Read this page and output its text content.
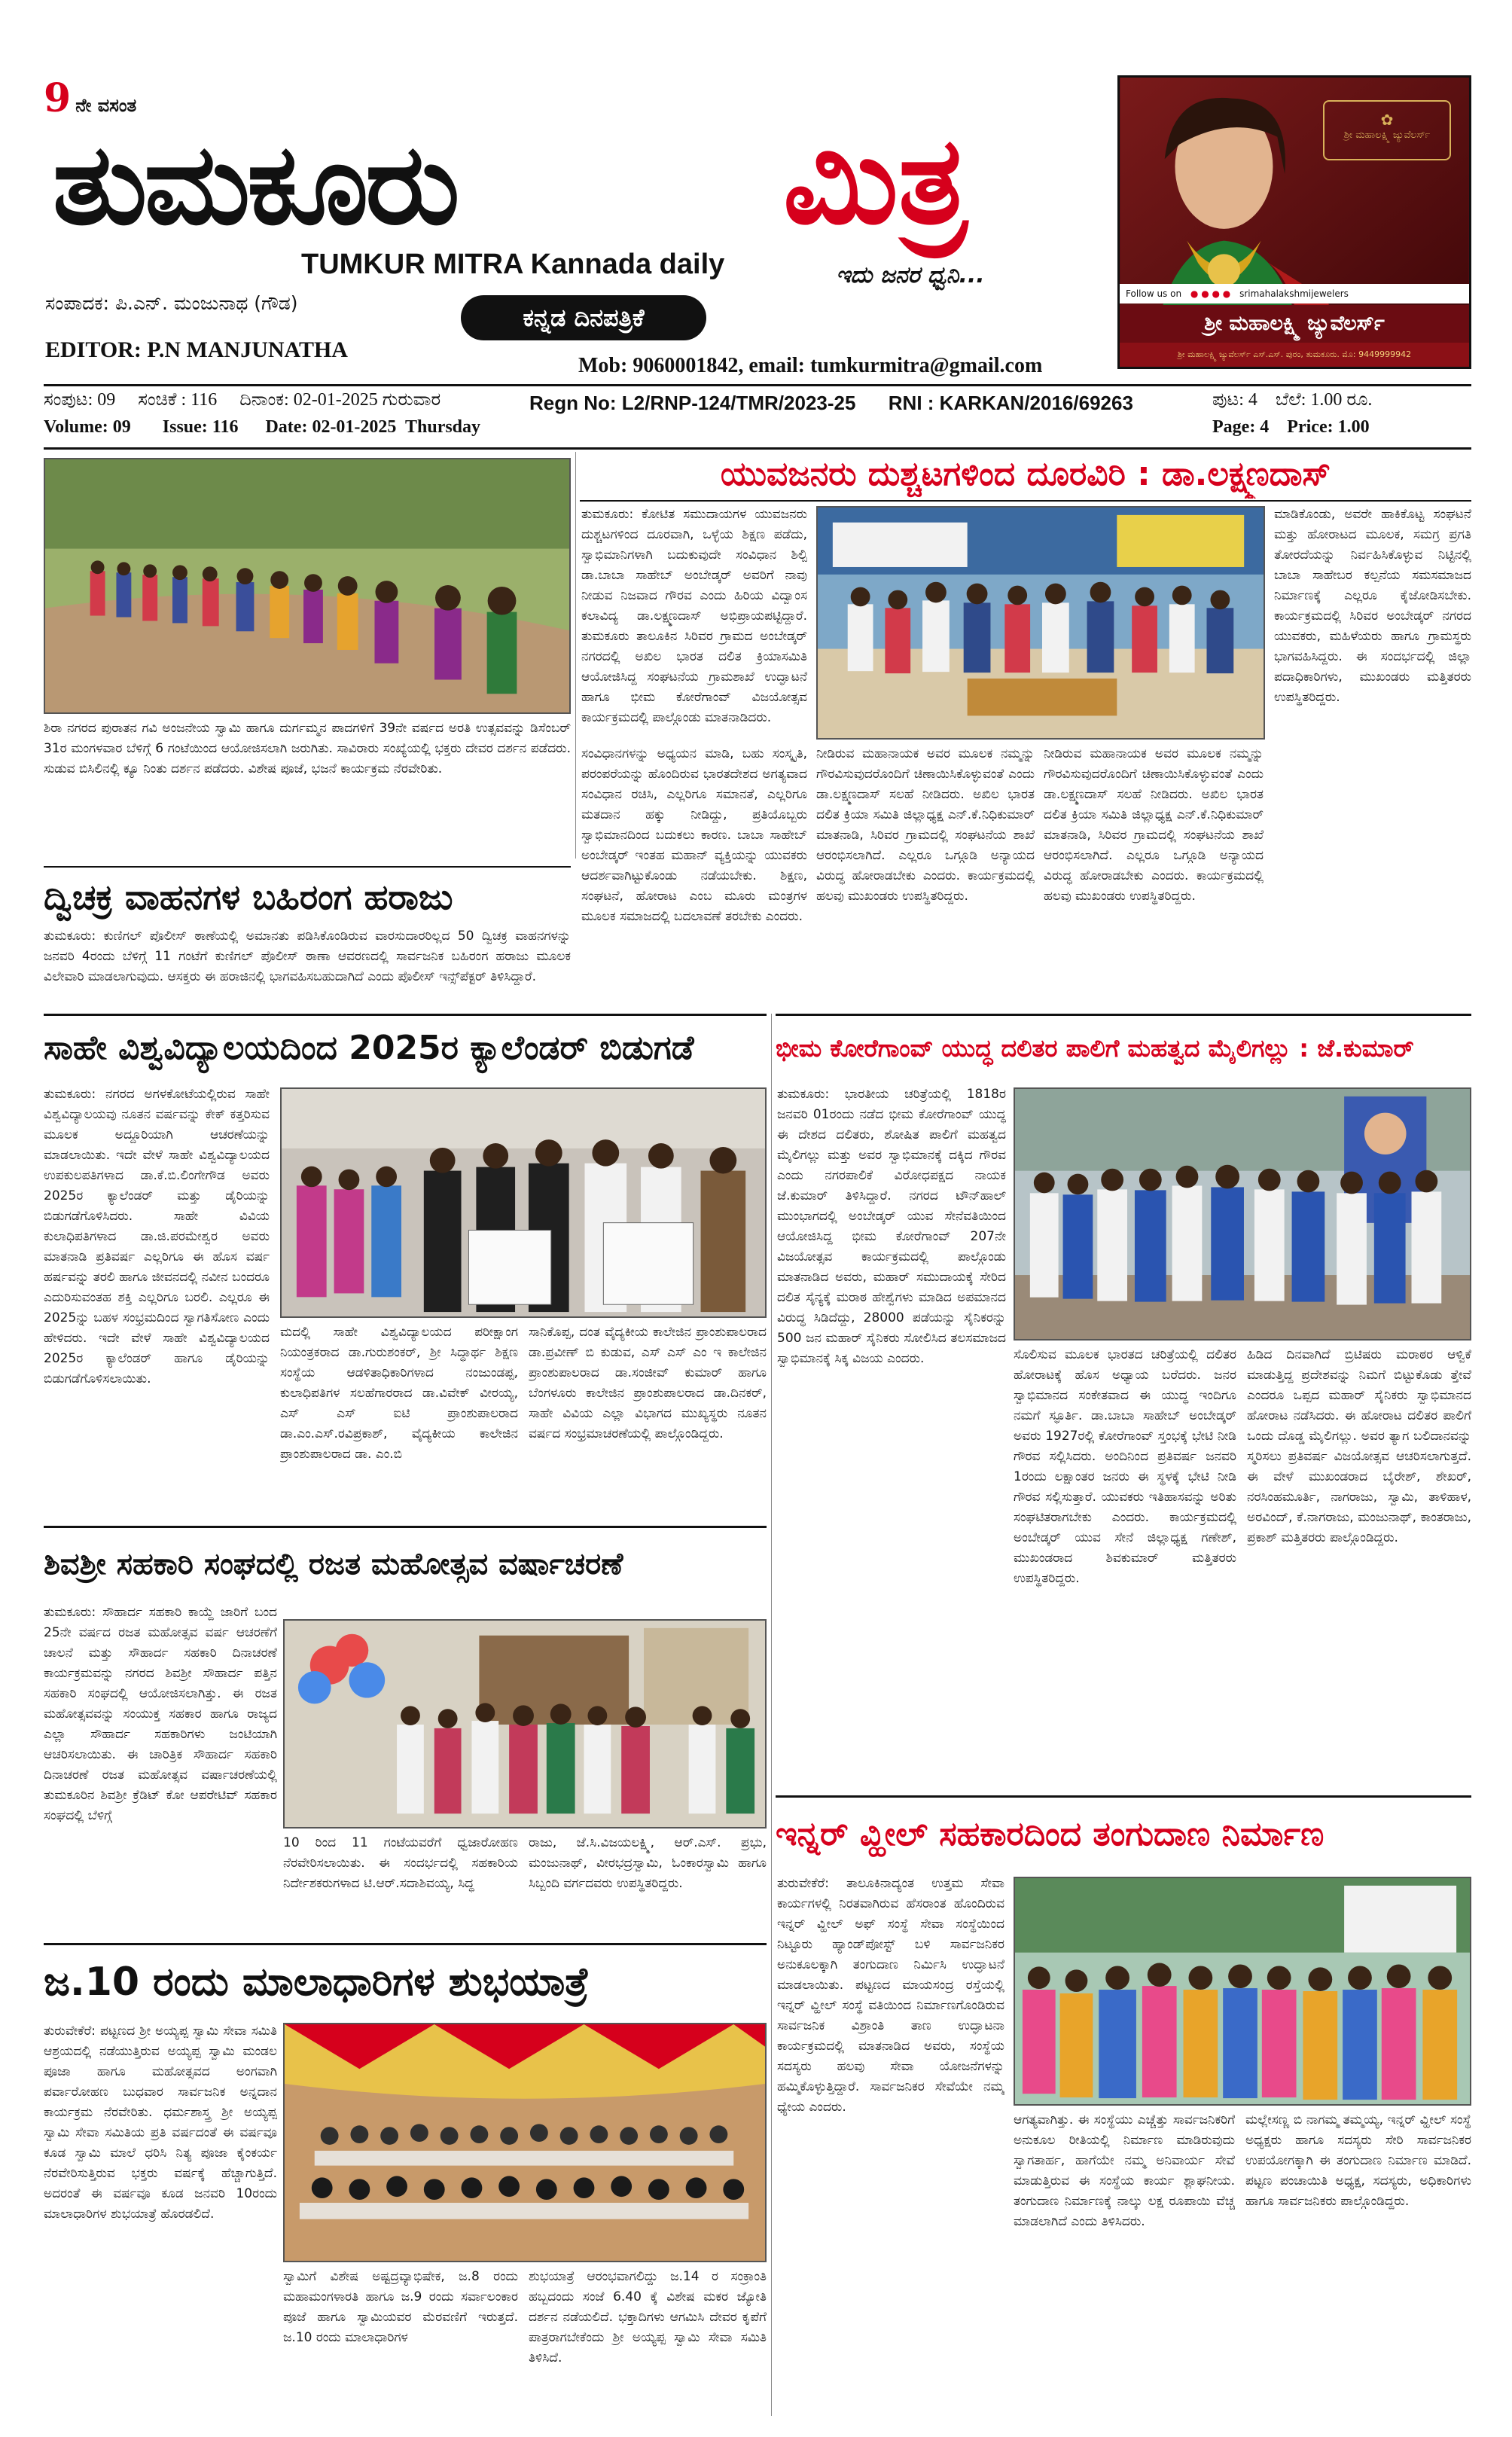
9 ನೇ ವಸಂತ
ತುಮಕೂರು	ಮಿತ್ರ
TUMKUR MITRA Kannada daily	ಇದು ಜನರ ಧ್ವನಿ...
ಸಂಪಾದಕ: ಪಿ.ಎನ್. ಮಂಜುನಾಥ (ಗೌಡ)
EDITOR: P.N MANJUNATHA
ಕನ್ನಡ ದಿನಪತ್ರಿಕೆ
Mob: 9060001842, email: tumkurmitra@gmail.com
✿
ಶ್ರೀ ಮಹಾಲಕ್ಷ್ಮಿ ಜ್ಯುವೆಲರ್ಸ್
Follow us on ● ● ● ● srimahalakshmijewelers
ಶ್ರೀ ಮಹಾಲಕ್ಷ್ಮಿ ಜ್ಯುವೆಲರ್ಸ್
ಶ್ರೀ ಮಹಾಲಕ್ಷ್ಮಿ ಜ್ಯುವೆಲರ್ಸ್ ಎಸ್.ಎಸ್. ಪುರಂ, ತುಮಕೂರು. ಮೊ: 9449999942
ಸಂಪುಟ: 09     ಸಂಚಿಕೆ : 116     ದಿನಾಂಕ: 02-01-2025 ಗುರುವಾರ
Volume: 09       Issue: 116      Date: 02-01-2025  Thursday
Regn No: L2/RNP-124/TMR/2023-25      RNI : KARKAN/2016/69263	ಪುಟ: 4    ಬೆಲೆ: 1.00 ರೂ.
Page: 4    Price: 1.00
ಶಿರಾ ನಗರದ ಪುರಾತನ ಗವಿ ಅಂಜನೇಯ ಸ್ವಾಮಿ ಹಾಗೂ ದುರ್ಗಮ್ಮನ ಪಾದಗಳಿಗೆ 39ನೇ ವರ್ಷದ ಅರತಿ ಉತ್ಸವವನ್ನು ಡಿಸೆಂಬರ್ 31ರ ಮಂಗಳವಾರ ಬೆಳಿಗ್ಗೆ 6 ಗಂಟೆಯಿಂದ ಆಯೋಜಿಸಲಾಗಿ ಜರುಗಿತು. ಸಾವಿರಾರು ಸಂಖ್ಯೆಯಲ್ಲಿ ಭಕ್ತರು ದೇವರ ದರ್ಶನ ಪಡೆದರು. ಸುಡುವ ಬಿಸಿಲಿನಲ್ಲಿ ಕ್ಯೂ ನಿಂತು ದರ್ಶನ ಪಡೆದರು. ವಿಶೇಷ ಪೂಜೆ, ಭಜನೆ ಕಾರ್ಯಕ್ರಮ ನೆರವೇರಿತು.
ಯುವಜನರು ದುಶ್ಚಟಗಳಿಂದ ದೂರವಿರಿ : ಡಾ.ಲಕ್ಷ್ಮಣದಾಸ್
ತುಮಕೂರು: ಕೋಟಿತ ಸಮುದಾಯಗಳ ಯುವಜನರು ದುಶ್ಚಟಗಳಿಂದ ದೂರವಾಗಿ, ಒಳ್ಳೆಯ ಶಿಕ್ಷಣ ಪಡೆದು, ಸ್ವಾಭಿಮಾನಿಗಳಾಗಿ ಬದುಕುವುದೇ ಸಂವಿಧಾನ ಶಿಲ್ಪಿ ಡಾ.ಬಾಬಾ ಸಾಹೇಬ್ ಅಂಬೇಡ್ಕರ್ ಅವರಿಗೆ ನಾವು ನೀಡುವ ನಿಜವಾದ ಗೌರವ ಎಂದು ಹಿರಿಯ ವಿದ್ವಾಂಸ ಕಲಾವಿದ್ಯ ಡಾ.ಲಕ್ಷ್ಮಣದಾಸ್ ಅಭಿಪ್ರಾಯಪಟ್ಟಿದ್ದಾರೆ. ತುಮಕೂರು ತಾಲೂಕಿನ ಸಿರಿವರ ಗ್ರಾಮದ ಅಂಬೇಡ್ಕರ್ ನಗರದಲ್ಲಿ ಅಖಿಲ ಭಾರತ ದಲಿತ ಕ್ರಿಯಾಸಮಿತಿ ಆಯೋಜಿಸಿದ್ದ ಸಂಘಟನೆಯ ಗ್ರಾಮಶಾಖೆ ಉದ್ಘಾಟನೆ ಹಾಗೂ ಭೀಮ ಕೋರೆಗಾಂವ್ ವಿಜಯೋತ್ಸವ ಕಾರ್ಯಕ್ರಮದಲ್ಲಿ ಪಾಲ್ಗೊಂಡು ಮಾತನಾಡಿದರು.
ಸಂವಿಧಾನಗಳನ್ನು ಅಧ್ಯಯನ ಮಾಡಿ, ಬಹು ಸಂಸ್ಕೃತಿ, ಪರಂಪರೆಯನ್ನು ಹೊಂದಿರುವ ಭಾರತದೇಶದ ಅಗತ್ಯವಾದ ಸಂವಿಧಾನ ರಚಿಸಿ, ಎಲ್ಲರಿಗೂ ಸಮಾನತೆ, ಎಲ್ಲರಿಗೂ ಮತದಾನ ಹಕ್ಕು ನೀಡಿದ್ದು, ಪ್ರತಿಯೊಬ್ಬರು ಸ್ವಾಭಿಮಾನದಿಂದ ಬದುಕಲು ಕಾರಣ. ಬಾಬಾ ಸಾಹೇಬ್ ಅಂಬೇಡ್ಕರ್ ಇಂತಹ ಮಹಾನ್ ವ್ಯಕ್ತಿಯನ್ನು ಯುವಕರು ಆದರ್ಶವಾಗಿಟ್ಟುಕೊಂಡು ನಡೆಯಬೇಕು. ಶಿಕ್ಷಣ, ಸಂಘಟನೆ, ಹೋರಾಟ ಎಂಬ ಮೂರು ಮಂತ್ರಗಳ ಮೂಲಕ ಸಮಾಜದಲ್ಲಿ ಬದಲಾವಣೆ ತರಬೇಕು ಎಂದರು.
ನೀಡಿರುವ ಮಹಾನಾಯಕ ಅವರ ಮೂಲಕ ನಮ್ಮನ್ನು ಗೌರವಿಸುವುದರೊಂದಿಗೆ ಚಿಣಾಯಿಸಿಕೊಳ್ಳುವಂತೆ ಎಂದು ಡಾ.ಲಕ್ಷ್ಮಣದಾಸ್ ಸಲಹೆ ನೀಡಿದರು. ಅಖಿಲ ಭಾರತ ದಲಿತ ಕ್ರಿಯಾ ಸಮಿತಿ ಜಿಲ್ಲಾಧ್ಯಕ್ಷ ಎನ್.ಕೆ.ನಿಧಿಕುಮಾರ್ ಮಾತನಾಡಿ, ಸಿರಿವರ ಗ್ರಾಮದಲ್ಲಿ ಸಂಘಟನೆಯ ಶಾಖೆ ಆರಂಭಿಸಲಾಗಿದೆ. ಎಲ್ಲರೂ ಒಗ್ಗೂಡಿ ಅನ್ಯಾಯದ ವಿರುದ್ಧ ಹೋರಾಡಬೇಕು ಎಂದರು. ಕಾರ್ಯಕ್ರಮದಲ್ಲಿ ಹಲವು ಮುಖಂಡರು ಉಪಸ್ಥಿತರಿದ್ದರು.
ನೀಡಿರುವ ಮಹಾನಾಯಕ ಅವರ ಮೂಲಕ ನಮ್ಮನ್ನು ಗೌರವಿಸುವುದರೊಂದಿಗೆ ಚಿಣಾಯಿಸಿಕೊಳ್ಳುವಂತೆ ಎಂದು ಡಾ.ಲಕ್ಷ್ಮಣದಾಸ್ ಸಲಹೆ ನೀಡಿದರು. ಅಖಿಲ ಭಾರತ ದಲಿತ ಕ್ರಿಯಾ ಸಮಿತಿ ಜಿಲ್ಲಾಧ್ಯಕ್ಷ ಎನ್.ಕೆ.ನಿಧಿಕುಮಾರ್ ಮಾತನಾಡಿ, ಸಿರಿವರ ಗ್ರಾಮದಲ್ಲಿ ಸಂಘಟನೆಯ ಶಾಖೆ ಆರಂಭಿಸಲಾಗಿದೆ. ಎಲ್ಲರೂ ಒಗ್ಗೂಡಿ ಅನ್ಯಾಯದ ವಿರುದ್ಧ ಹೋರಾಡಬೇಕು ಎಂದರು. ಕಾರ್ಯಕ್ರಮದಲ್ಲಿ ಹಲವು ಮುಖಂಡರು ಉಪಸ್ಥಿತರಿದ್ದರು.
ಮಾಡಿಕೊಂಡು, ಅವರೇ ಹಾಕಿಕೊಟ್ಟ ಸಂಘಟನೆ ಮತ್ತು ಹೋರಾಟದ ಮೂಲಕ, ಸಮಗ್ರ ಪ್ರಗತಿ ತೋರದೆಯನ್ನು ನಿರ್ವಹಿಸಿಕೊಳ್ಳುವ ನಿಟ್ಟಿನಲ್ಲಿ ಬಾಬಾ ಸಾಹೇಬರ ಕಲ್ಪನೆಯ ಸಮಸಮಾಜದ ನಿರ್ಮಾಣಕ್ಕೆ ಎಲ್ಲರೂ ಕೈಜೋಡಿಸಬೇಕು. ಕಾರ್ಯಕ್ರಮದಲ್ಲಿ ಸಿರಿವರ ಅಂಬೇಡ್ಕರ್ ನಗರದ ಯುವಕರು, ಮಹಿಳೆಯರು ಹಾಗೂ ಗ್ರಾಮಸ್ಥರು ಭಾಗವಹಿಸಿದ್ದರು. ಈ ಸಂದರ್ಭದಲ್ಲಿ ಜಿಲ್ಲಾ ಪದಾಧಿಕಾರಿಗಳು, ಮುಖಂಡರು ಮತ್ತಿತರರು ಉಪಸ್ಥಿತರಿದ್ದರು.
ದ್ವಿಚಕ್ರ ವಾಹನಗಳ ಬಹಿರಂಗ ಹರಾಜು
ತುಮಕೂರು: ಕುಣಿಗಲ್ ಪೊಲೀಸ್ ಠಾಣೆಯಲ್ಲಿ ಅಮಾನತು ಪಡಿಸಿಕೊಂಡಿರುವ ವಾರಸುದಾರರಿಲ್ಲದ 50 ದ್ವಿಚಕ್ರ ವಾಹನಗಳನ್ನು ಜನವರಿ 4ರಂದು ಬೆಳಿಗ್ಗೆ 11 ಗಂಟೆಗೆ ಕುಣಿಗಲ್ ಪೊಲೀಸ್ ಠಾಣಾ ಆವರಣದಲ್ಲಿ ಸಾರ್ವಜನಿಕ ಬಹಿರಂಗ ಹರಾಜು ಮೂಲಕ ವಿಲೇವಾರಿ ಮಾಡಲಾಗುವುದು. ಆಸಕ್ತರು ಈ ಹರಾಜಿನಲ್ಲಿ ಭಾಗವಹಿಸಬಹುದಾಗಿದೆ ಎಂದು ಪೊಲೀಸ್ ಇನ್ಸ್‌ಪೆಕ್ಟರ್ ತಿಳಿಸಿದ್ದಾರೆ.
ಸಾಹೇ ವಿಶ್ವವಿದ್ಯಾಲಯದಿಂದ 2025ರ ಕ್ಯಾಲೆಂಡರ್ ಬಿಡುಗಡೆ
ತುಮಕೂರು: ನಗರದ ಅಗಳಕೋಟೆಯಲ್ಲಿರುವ ಸಾಹೇ ವಿಶ್ವವಿದ್ಯಾಲಯವು ನೂತನ ವರ್ಷವನ್ನು ಕೇಕ್ ಕತ್ತರಿಸುವ ಮೂಲಕ ಅದ್ದೂರಿಯಾಗಿ ಆಚರಣೆಯನ್ನು ಮಾಡಲಾಯಿತು. ಇದೇ ವೇಳೆ ಸಾಹೇ ವಿಶ್ವವಿದ್ಯಾಲಯದ ಉಪಕುಲಪತಿಗಳಾದ ಡಾ.ಕೆ.ಬಿ.ಲಿಂಗೇಗೌಡ ಅವರು 2025ರ ಕ್ಯಾಲೆಂಡರ್ ಮತ್ತು ಡೈರಿಯನ್ನು ಬಿಡುಗಡೆಗೊಳಿಸಿದರು. ಸಾಹೇ ವಿವಿಯ ಕುಲಾಧಿಪತಿಗಳಾದ ಡಾ.ಜಿ.ಪರಮೇಶ್ವರ ಅವರು ಮಾತನಾಡಿ ಪ್ರತಿವರ್ಷ ಎಲ್ಲರಿಗೂ ಈ ಹೊಸ ವರ್ಷ ಹರ್ಷವನ್ನು ತರಲಿ ಹಾಗೂ ಜೀವನದಲ್ಲಿ ನವೀನ ಬಂದರೂ ಎದುರಿಸುವಂತಹ ಶಕ್ತಿ ಎಲ್ಲರಿಗೂ ಬರಲಿ. ಎಲ್ಲರೂ ಈ 2025ನ್ನು ಬಹಳ ಸಂಭ್ರಮದಿಂದ ಸ್ವಾಗತಿಸೋಣ ಎಂದು ಹೇಳಿದರು. ಇದೇ ವೇಳೆ ಸಾಹೇ ವಿಶ್ವವಿದ್ಯಾಲಯದ 2025ರ ಕ್ಯಾಲೆಂಡರ್ ಹಾಗೂ ಡೈರಿಯನ್ನು ಬಿಡುಗಡೆಗೊಳಿಸಲಾಯಿತು.
ಮದಲ್ಲಿ ಸಾಹೇ ವಿಶ್ವವಿದ್ಯಾಲಯದ ಪರೀಕ್ಷಾಂಗ ನಿಯಂತ್ರಕರಾದ ಡಾ.ಗುರುಶಂಕರ್, ಶ್ರೀ ಸಿದ್ಧಾರ್ಥ ಶಿಕ್ಷಣ ಸಂಸ್ಥೆಯ ಆಡಳಿತಾಧಿಕಾರಿಗಳಾದ ನಂಜುಂಡಪ್ಪ, ಕುಲಾಧಿಪತಿಗಳ ಸಲಹೆಗಾರರಾದ ಡಾ.ವಿವೇಕ್ ವೀರಯ್ಯ, ಎಸ್ ಎಸ್ ಐಟಿ ಪ್ರಾಂಶುಪಾಲರಾದ ಡಾ.ಎಂ.ಎಸ್.ರವಿಪ್ರಕಾಶ್, ವೈದ್ಯಕೀಯ ಕಾಲೇಜಿನ ಪ್ರಾಂಶುಪಾಲರಾದ ಡಾ. ಎಂ.ಬಿ
ಸಾನಿಕೊಪ್ಪ, ದಂತ ವೈದ್ಯಕೀಯ ಕಾಲೇಜಿನ ಪ್ರಾಂಶುಪಾಲರಾದ ಡಾ.ಪ್ರವೀಣ್ ಬಿ ಕುಡುವ, ಎಸ್ ಎಸ್ ಎಂ ಇ ಕಾಲೇಜಿನ ಪ್ರಾಂಶುಪಾಲರಾದ ಡಾ.ಸಂಜೀವ್ ಕುಮಾರ್ ಹಾಗೂ ಬೆಂಗಳೂರು ಕಾಲೇಜಿನ ಪ್ರಾಂಶುಪಾಲರಾದ ಡಾ.ದಿನಕರ್, ಸಾಹೇ ವಿವಿಯ ಎಲ್ಲಾ ವಿಭಾಗದ ಮುಖ್ಯಸ್ಥರು ನೂತನ ವರ್ಷದ ಸಂಭ್ರಮಾಚರಣೆಯಲ್ಲಿ ಪಾಲ್ಗೊಂಡಿದ್ದರು.
ಭೀಮ ಕೋರೆಗಾಂವ್ ಯುದ್ಧ ದಲಿತರ ಪಾಲಿಗೆ ಮಹತ್ವದ ಮೈಲಿಗಲ್ಲು : ಜೆ.ಕುಮಾರ್
ತುಮಕೂರು: ಭಾರತೀಯ ಚರಿತ್ರೆಯಲ್ಲಿ 1818ರ ಜನವರಿ 01ರಂದು ನಡೆದ ಭೀಮ ಕೋರೆಗಾಂವ್ ಯುದ್ಧ ಈ ದೇಶದ ದಲಿತರು, ಶೋಷಿತ ಪಾಲಿಗೆ ಮಹತ್ವದ ಮೈಲಿಗಲ್ಲು ಮತ್ತು ಅವರ ಸ್ವಾಭಿಮಾನಕ್ಕೆ ದಕ್ಕಿದ ಗೌರವ ಎಂದು ನಗರಪಾಲಿಕೆ ವಿರೋಧಪಕ್ಷದ ನಾಯಕ ಜೆ.ಕುಮಾರ್ ತಿಳಿಸಿದ್ದಾರೆ. ನಗರದ ಟೌನ್‌ಹಾಲ್ ಮುಂಭಾಗದಲ್ಲಿ ಅಂಬೇಡ್ಕರ್ ಯುವ ಸೇನೆವತಿಯಿಂದ ಆಯೋಜಿಸಿದ್ದ ಭೀಮ ಕೋರೆಗಾಂವ್ 207ನೇ ವಿಜಯೋತ್ಸವ ಕಾರ್ಯಕ್ರಮದಲ್ಲಿ ಪಾಲ್ಗೊಂಡು ಮಾತನಾಡಿದ ಅವರು, ಮಹಾರ್ ಸಮುದಾಯಕ್ಕೆ ಸೇರಿದ ದಲಿತ ಸೈನ್ಯಕ್ಕೆ ಮರಾಠ ಹೇಶ್ವೆಗಳು ಮಾಡಿದ ಅಪಮಾನದ ವಿರುದ್ಧ ಸಿಡಿದೆದ್ದು, 28000 ಪಡೆಯನ್ನು ಸೈನಿಕರನ್ನು 500 ಜನ ಮಹಾರ್ ಸೈನಿಕರು ಸೋಲಿಸಿದ ತಲಸಮಾಜದ ಸ್ವಾಭಿಮಾನಕ್ಕೆ ಸಿಕ್ಕ ವಿಜಯ ಎಂದರು.	ಸೊಲಿಸುವ ಮೂಲಕ ಭಾರತದ ಚರಿತ್ರೆಯಲ್ಲಿ ದಲಿತರ ಹೋರಾಟಕ್ಕೆ ಹೊಸ ಅಧ್ಯಾಯ ಬರೆದರು. ಜನರ ಸ್ವಾಭಿಮಾನದ ಸಂಕೇತವಾದ ಈ ಯುದ್ಧ ಇಂದಿಗೂ ನಮಗೆ ಸ್ಫೂರ್ತಿ. ಡಾ.ಬಾಬಾ ಸಾಹೇಬ್ ಅಂಬೇಡ್ಕರ್ ಅವರು 1927ರಲ್ಲಿ ಕೋರೆಗಾಂವ್ ಸ್ತಂಭಕ್ಕೆ ಭೇಟಿ ನೀಡಿ ಗೌರವ ಸಲ್ಲಿಸಿದರು. ಅಂದಿನಿಂದ ಪ್ರತಿವರ್ಷ ಜನವರಿ 1ರಂದು ಲಕ್ಷಾಂತರ ಜನರು ಈ ಸ್ಥಳಕ್ಕೆ ಭೇಟಿ ನೀಡಿ ಗೌರವ ಸಲ್ಲಿಸುತ್ತಾರೆ. ಯುವಕರು ಇತಿಹಾಸವನ್ನು ಅರಿತು ಸಂಘಟಿತರಾಗಬೇಕು ಎಂದರು. ಕಾರ್ಯಕ್ರಮದಲ್ಲಿ ಅಂಬೇಡ್ಕರ್ ಯುವ ಸೇನೆ ಜಿಲ್ಲಾಧ್ಯಕ್ಷ ಗಣೇಶ್, ಮುಖಂಡರಾದ ಶಿವಕುಮಾರ್ ಮತ್ತಿತರರು ಉಪಸ್ಥಿತರಿದ್ದರು.
ಹಿಡಿದ ದಿನವಾಗಿದೆ ಬ್ರಿಟಿಷರು ಮರಾಠರ ಆಳ್ವಿಕೆ ಮಾಡುತ್ತಿದ್ದ ಪ್ರದೇಶವನ್ನು ನಿಮಗೆ ಬಿಟ್ಟುಕೊಡು ತ್ತೇವೆ ಎಂದರೂ ಒಪ್ಪದ ಮಹಾರ್ ಸೈನಿಕರು ಸ್ವಾಭಿಮಾನದ ಹೋರಾಟ ನಡೆಸಿದರು. ಈ ಹೋರಾಟ ದಲಿತರ ಪಾಲಿಗೆ ಒಂದು ದೊಡ್ಡ ಮೈಲಿಗಲ್ಲು. ಅವರ ತ್ಯಾಗ ಬಲಿದಾನವನ್ನು ಸ್ಮರಿಸಲು ಪ್ರತಿವರ್ಷ ವಿಜಯೋತ್ಸವ ಆಚರಿಸಲಾಗುತ್ತದೆ. ಈ ವೇಳೆ ಮುಖಂಡರಾದ ಬೈರೇಶ್, ಶೇಖರ್, ನರಸಿಂಹಮೂರ್ತಿ, ನಾಗರಾಜು, ಸ್ವಾಮಿ, ತಾಳಿಹಾಳ, ಅರವಿಂದ್, ಕೆ.ನಾಗರಾಜು, ಮಂಜುನಾಥ್, ಕಾಂತರಾಜು, ಪ್ರಕಾಶ್ ಮತ್ತಿತರರು ಪಾಲ್ಗೊಂಡಿದ್ದರು.
ಶಿವಶ್ರೀ ಸಹಕಾರಿ ಸಂಘದಲ್ಲಿ ರಜತ ಮಹೋತ್ಸವ ವರ್ಷಾಚರಣೆ
ತುಮಕೂರು: ಸೌಹಾರ್ದ ಸಹಕಾರಿ ಕಾಯ್ದೆ ಜಾರಿಗೆ ಬಂದ 25ನೇ ವರ್ಷದ ರಜತ ಮಹೋತ್ಸವ ವರ್ಷ ಆಚರಣೆಗೆ ಚಾಲನೆ ಮತ್ತು ಸೌಹಾರ್ದ ಸಹಕಾರಿ ದಿನಾಚರಣೆ ಕಾರ್ಯಕ್ರಮವನ್ನು ನಗರದ ಶಿವಶ್ರೀ ಸೌಹಾರ್ದ ಪತ್ತಿನ ಸಹಕಾರಿ ಸಂಘದಲ್ಲಿ ಆಯೋಜಿಸಲಾಗಿತ್ತು. ಈ ರಜತ ಮಹೋತ್ಸವವನ್ನು ಸಂಯುಕ್ತ ಸಹಕಾರ ಹಾಗೂ ರಾಜ್ಯದ ಎಲ್ಲಾ ಸೌಹಾರ್ದ ಸಹಕಾರಿಗಳು ಜಂಟಿಯಾಗಿ ಆಚರಿಸಲಾಯಿತು. ಈ ಚಾರಿತ್ರಿಕ ಸೌಹಾರ್ದ ಸಹಕಾರಿ ದಿನಾಚರಣೆ ರಜತ ಮಹೋತ್ಸವ ವರ್ಷಾಚರಣೆಯಲ್ಲಿ ತುಮಕೂರಿನ ಶಿವಶ್ರೀ ಕ್ರೆಡಿಟ್ ಕೋ ಆಪರೇಟಿವ್ ಸಹಕಾರ ಸಂಘದಲ್ಲಿ ಬೆಳಿಗ್ಗೆ
10 ರಿಂದ 11 ಗಂಟೆಯವರೆಗೆ ಧ್ವಜಾರೋಹಣ ನೆರವೇರಿಸಲಾಯಿತು. ಈ ಸಂದರ್ಭದಲ್ಲಿ ಸಹಕಾರಿಯ ನಿರ್ದೇಶಕರುಗಳಾದ ಟಿ.ಆರ್.ಸದಾಶಿವಯ್ಯ, ಸಿದ್ಧ
ರಾಜು, ಜೆ.ಸಿ.ವಿಜಯಲಕ್ಷ್ಮಿ, ಆರ್.ಎಸ್. ಪ್ರಭು, ಮಂಜುನಾಥ್, ವೀರಭದ್ರಸ್ವಾಮಿ, ಓಂಕಾರಸ್ವಾಮಿ ಹಾಗೂ ಸಿಬ್ಬಂದಿ ವರ್ಗದವರು ಉಪಸ್ಥಿತರಿದ್ದರು.
ಇನ್ನರ್ ವ್ಹೀಲ್ ಸಹಕಾರದಿಂದ ತಂಗುದಾಣ ನಿರ್ಮಾಣ
ತುರುವೇಕೆರೆ: ತಾಲೂಕಿನಾದ್ಯಂತ ಉತ್ತಮ ಸೇವಾ ಕಾರ್ಯಗಳಲ್ಲಿ ನಿರತವಾಗಿರುವ ಹೆಸರಾಂತ ಹೊಂದಿರುವ ಇನ್ನರ್ ವ್ಹೀಲ್ ಅಫ್ ಸಂಸ್ಥೆ ಸೇವಾ ಸಂಸ್ಥೆಯಿಂದ ನಿಟ್ಟೂರು ಹ್ಯಾಂಡ್‌ಪೋಸ್ಟ್ ಬಳಿ ಸಾರ್ವಜನಿಕರ ಅನುಕೂಲಕ್ಕಾಗಿ ತಂಗುದಾಣ ನಿರ್ಮಿಸಿ ಉದ್ಘಾಟನೆ ಮಾಡಲಾಯಿತು. ಪಟ್ಟಣದ ಮಾಯಸಂದ್ರ ರಸ್ತೆಯಲ್ಲಿ ಇನ್ನರ್ ವ್ಹೀಲ್ ಸಂಸ್ಥೆ ವತಿಯಿಂದ ನಿರ್ಮಾಣಗೊಂಡಿರುವ ಸಾರ್ವಜನಿಕ ವಿಶ್ರಾಂತಿ ತಾಣ ಉದ್ಘಾಟನಾ ಕಾರ್ಯಕ್ರಮದಲ್ಲಿ ಮಾತನಾಡಿದ ಅವರು, ಸಂಸ್ಥೆಯ ಸದಸ್ಯರು ಹಲವು ಸೇವಾ ಯೋಜನೆಗಳನ್ನು ಹಮ್ಮಿಕೊಳ್ಳುತ್ತಿದ್ದಾರೆ. ಸಾರ್ವಜನಿಕರ ಸೇವೆಯೇ ನಮ್ಮ ಧ್ಯೇಯ ಎಂದರು.
ಆಗತ್ಯವಾಗಿತ್ತು. ಈ ಸಂಸ್ಥೆಯು ಎಚ್ಚೆತ್ತು ಸಾರ್ವಜನಿಕರಿಗೆ ಅನುಕೂಲ ರೀತಿಯಲ್ಲಿ ನಿರ್ಮಾಣ ಮಾಡಿರುವುದು ಸ್ವಾಗತಾರ್ಹ, ಹಾಗೆಯೇ ನಮ್ಮ ಅನಿವಾರ್ಯ ಸೇವೆ ಮಾಡುತ್ತಿರುವ ಈ ಸಂಸ್ಥೆಯ ಕಾರ್ಯ ಶ್ಲಾಘನೀಯ. ತಂಗುದಾಣ ನಿರ್ಮಾಣಕ್ಕೆ ನಾಲ್ಕು ಲಕ್ಷ ರೂಪಾಯಿ ವೆಚ್ಚ ಮಾಡಲಾಗಿದೆ ಎಂದು ತಿಳಿಸಿದರು.
ಮಲ್ಲೇಸಣ್ಣ ಬಿ ನಾಗಮ್ಮ ತಮ್ಮಯ್ಯ, ಇನ್ನರ್ ವ್ಹೀಲ್ ಸಂಸ್ಥೆ ಅಧ್ಯಕ್ಷರು ಹಾಗೂ ಸದಸ್ಯರು ಸೇರಿ ಸಾರ್ವಜನಿಕರ ಉಪಯೋಗಕ್ಕಾಗಿ ಈ ತಂಗುದಾಣ ನಿರ್ಮಾಣ ಮಾಡಿದೆ. ಪಟ್ಟಣ ಪಂಚಾಯಿತಿ ಅಧ್ಯಕ್ಷ, ಸದಸ್ಯರು, ಅಧಿಕಾರಿಗಳು ಹಾಗೂ ಸಾರ್ವಜನಿಕರು ಪಾಲ್ಗೊಂಡಿದ್ದರು.
ಜ.10 ರಂದು ಮಾಲಾಧಾರಿಗಳ ಶುಭಯಾತ್ರೆ
ತುರುವೇಕೆರೆ: ಪಟ್ಟಣದ ಶ್ರೀ ಅಯ್ಯಪ್ಪ ಸ್ವಾಮಿ ಸೇವಾ ಸಮಿತಿ ಆಶ್ರಯದಲ್ಲಿ ನಡೆಯುತ್ತಿರುವ ಅಯ್ಯಪ್ಪ ಸ್ವಾಮಿ ಮಂಡಲ ಪೂಜಾ ಹಾಗೂ ಮಹೋತ್ಸವದ ಅಂಗವಾಗಿ ಪರ್ವಾರೋಹಣ ಬುಧವಾರ ಸಾರ್ವಜನಿಕ ಅನ್ನದಾನ ಕಾರ್ಯಕ್ರಮ ನೆರವೇರಿತು. ಧರ್ಮಶಾಸ್ತ್ರ ಶ್ರೀ ಅಯ್ಯಪ್ಪ ಸ್ವಾಮಿ ಸೇವಾ ಸಮಿತಿಯ ಪ್ರತಿ ವರ್ಷದಂತೆ ಈ ವರ್ಷವೂ ಕೂಡ ಸ್ವಾಮಿ ಮಾಲೆ ಧರಿಸಿ ನಿತ್ಯ ಪೂಜಾ ಕೈಂಕರ್ಯ ನೆರವೇರಿಸುತ್ತಿರುವ ಭಕ್ತರು ವರ್ಷಕ್ಕೆ ಹೆಚ್ಚಾಗುತ್ತಿದೆ. ಅದರಂತೆ ಈ ವರ್ಷವೂ ಕೂಡ ಜನವರಿ 10ರಂದು ಮಾಲಾಧಾರಿಗಳ ಶುಭಯಾತ್ರೆ ಹೊರಡಲಿದೆ.
ಸ್ವಾಮಿಗೆ ವಿಶೇಷ ಅಷ್ಟದ್ರವ್ಯಾಭಿಷೇಕ, ಜ.8 ರಂದು ಮಹಾಮಂಗಳಾರತಿ ಹಾಗೂ ಜ.9 ರಂದು ಸರ್ವಾಲಂಕಾರ ಪೂಜೆ ಹಾಗೂ ಸ್ವಾಮಿಯವರ ಮೆರವಣಿಗೆ ಇರುತ್ತದೆ. ಜ.10 ರಂದು ಮಾಲಾಧಾರಿಗಳ
ಶುಭಯಾತ್ರೆ ಆರಂಭವಾಗಲಿದ್ದು ಜ.14 ರ ಸಂಕ್ರಾಂತಿ ಹಬ್ಬದಂದು ಸಂಜೆ 6.40 ಕ್ಕೆ ವಿಶೇಷ ಮಕರ ಜ್ಯೋತಿ ದರ್ಶನ ನಡೆಯಲಿದೆ. ಭಕ್ತಾದಿಗಳು ಆಗಮಿಸಿ ದೇವರ ಕೃಪೆಗೆ ಪಾತ್ರರಾಗಬೇಕೆಂದು ಶ್ರೀ ಅಯ್ಯಪ್ಪ ಸ್ವಾಮಿ ಸೇವಾ ಸಮಿತಿ ತಿಳಿಸಿದೆ.
